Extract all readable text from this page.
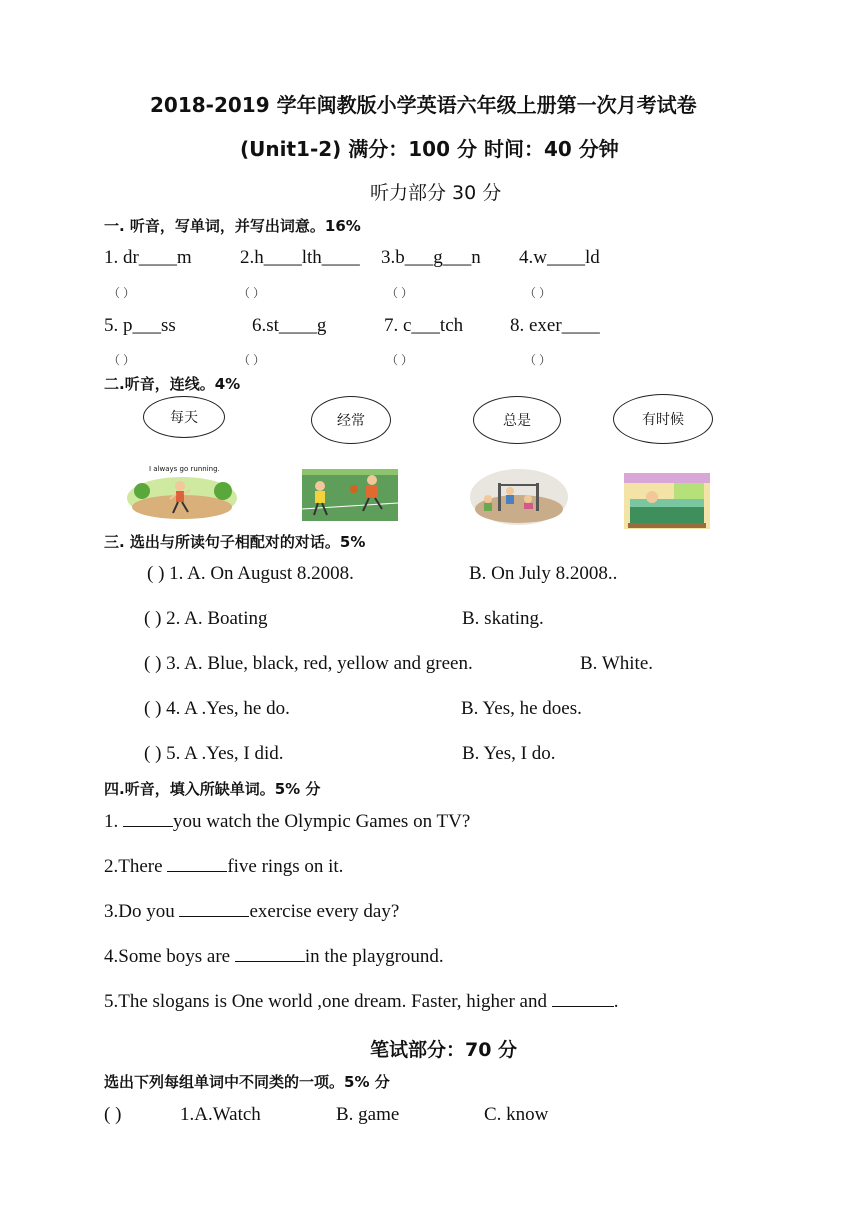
2018-2019 学年闽教版小学英语六年级上册第一次月考试卷
(Unit1-2) 满分：100 分 时间：40 分钟
听力部分 30 分
一. 听音，写单词，并写出词意。16%
1. dr____m	2.h____lth____ 3.b___g___n 4.w____ld
（ ）	（ ）	（ ）	（ ）
5. p___ss	6.st____g	7. c___tch 8. exer____
（ ）	（ ）	（ ）	（ ）
二.听音，连线。4%
每天	经常	总是	有时候
I always go running.
三. 选出与所读句子相配对的对话。5%
( ) 1. A. On August 8.2008.	B. On July 8.2008..
( ) 2. A. Boating	B. skating.
( ) 3. A. Blue, black, red, yellow and green.	B. White.
( ) 4. A .Yes, he do.	B. Yes, he does.
( ) 5. A .Yes, I did.	B. Yes, I do.
四.听音，填入所缺单词。5% 分
1.	you watch the Olympic Games on TV?
2.There	five rings on it.
3.Do you	exercise every day?
4.Some boys are	in the playground.
5.The slogans is One world ,one dream. Faster, higher and	.
笔试部分：70 分
选出下列每组单词中不同类的一项。5% 分
( )	1.A.Watch	B. game	C. know
